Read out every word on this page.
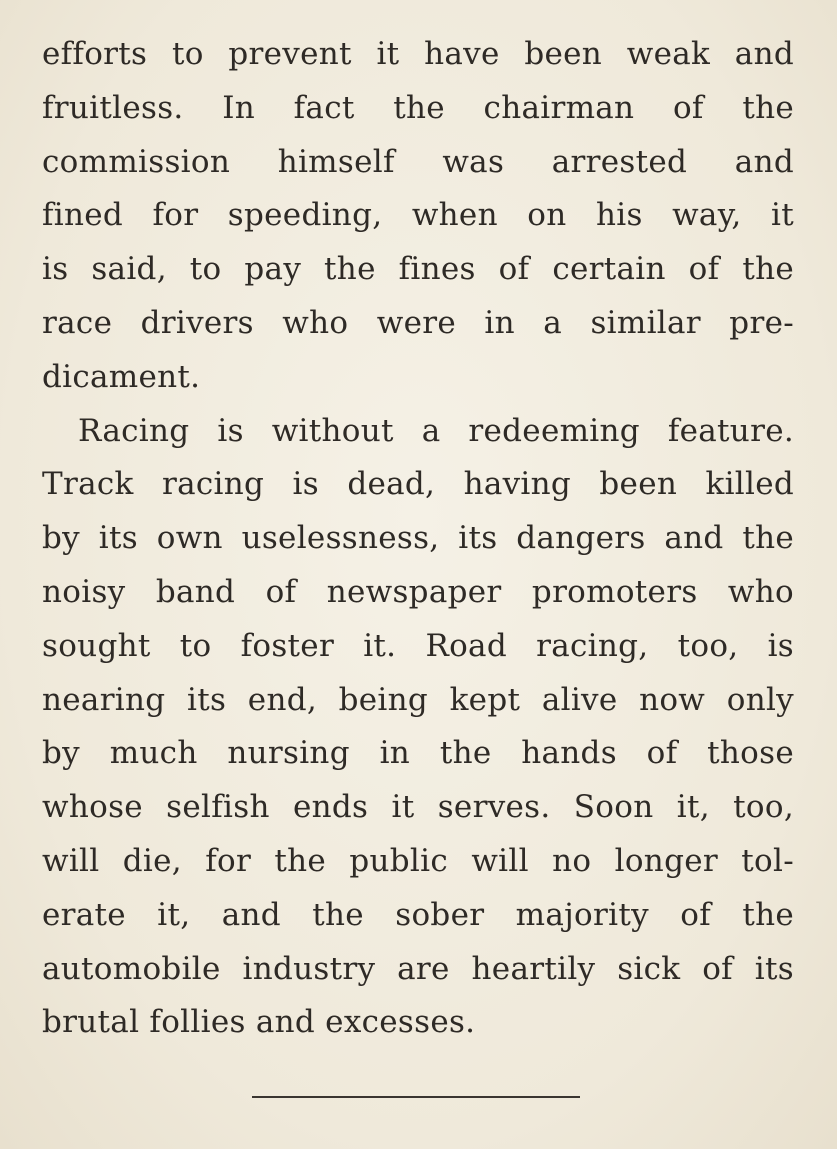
efforts to prevent it have been weak and
fruitless. In fact the chairman of the
commission himself was arrested and
fined for speeding, when on his way, it
is said, to pay the fines of certain of the
race drivers who were in a similar pre-
dicament.
Racing is without a redeeming feature.
Track racing is dead, having been killed
by its own uselessness, its dangers and the
noisy band of newspaper promoters who
sought to foster it. Road racing, too, is
nearing its end, being kept alive now only
by much nursing in the hands of those
whose selfish ends it serves. Soon it, too,
will die, for the public will no longer tol-
erate it, and the sober majority of the
automobile industry are heartily sick of its
brutal follies and excesses.
